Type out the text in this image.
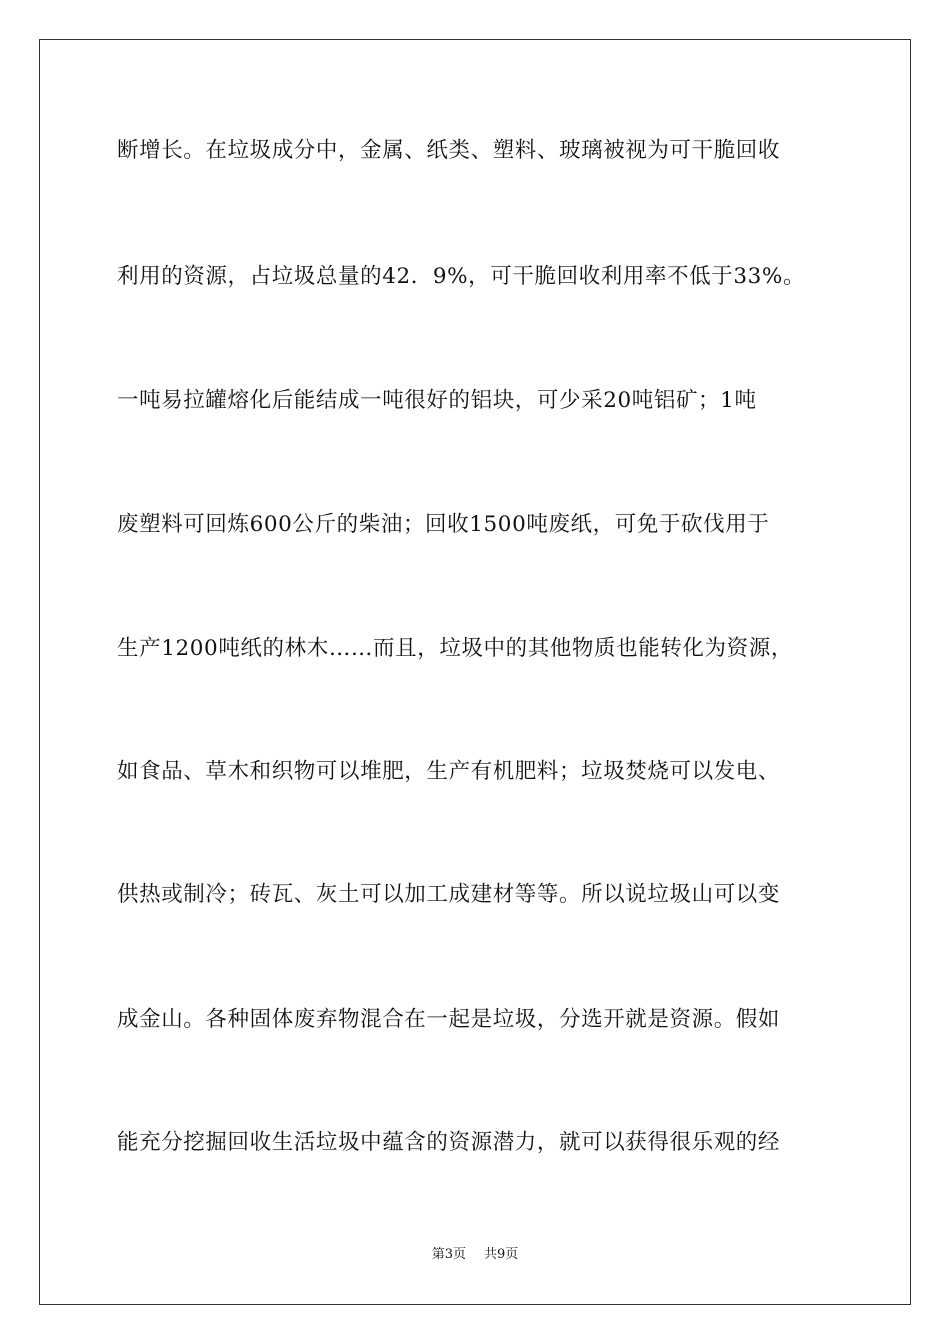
断增长。在垃圾成分中，金属、纸类、塑料、玻璃被视为可干脆回收
利用的资源，占垃圾总量的42．9%，可干脆回收利用率不低于33%。
一吨易拉罐熔化后能结成一吨很好的铝块，可少采20吨铝矿；1吨
废塑料可回炼600公斤的柴油；回收1500吨废纸，可免于砍伐用于
生产1200吨纸的林木……而且，垃圾中的其他物质也能转化为资源，
如食品、草木和织物可以堆肥，生产有机肥料；垃圾焚烧可以发电、
供热或制冷；砖瓦、灰土可以加工成建材等等。所以说垃圾山可以变
成金山。各种固体废弃物混合在一起是垃圾，分选开就是资源。假如
能充分挖掘回收生活垃圾中蕴含的资源潜力，就可以获得很乐观的经
第3页 共9页
